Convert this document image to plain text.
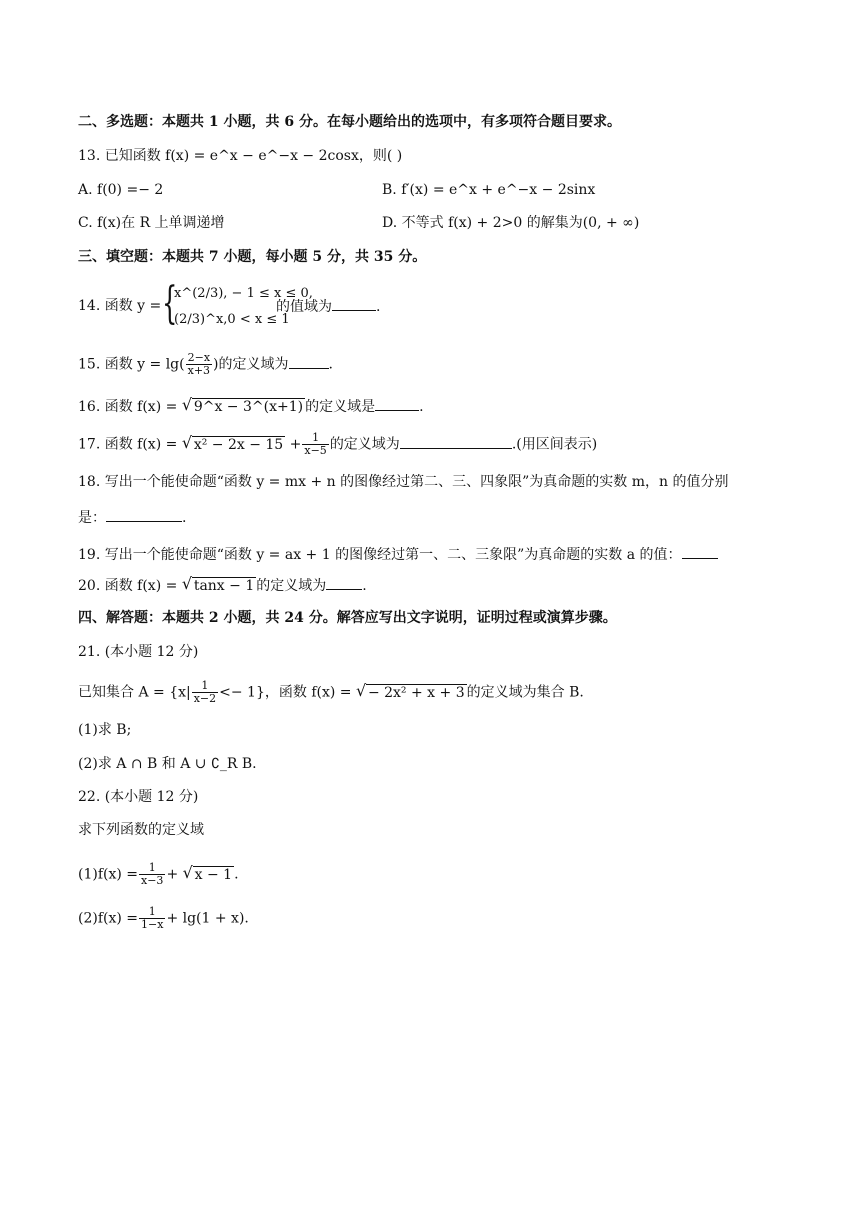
二、多选题：本题共 1 小题，共 6 分。在每小题给出的选项中，有多项符合题目要求。
13. 已知函数 f(x) = e^x − e^−x − 2cosx，则( )
A. f(0) =− 2	B. f′(x) = e^x + e^−x − 2sinx
C. f(x)在 R 上单调递增	D. 不等式 f(x) + 2>0 的解集为(0, + ∞)
三、填空题：本题共 7 小题，每小题 5 分，共 35 分。
14. 函数 y = {
x^(2/3), − 1 ≤ x ≤ 0,
(2/3)^x,0 < x ≤ 1
的值域为	.
15. 函数 $y = \lg( \frac{2-x}{x+3}$ )的定义域为	.
16. 函数 f(x) = √ 9^x − 3^(x+1) 的定义域是	.
17. 函数 f(x) = √ $x^2 - 2x - 15 + \frac{1}{x-5}$ 的定义域为	.(用区间表示)
18. 写出一个能使命题“函数 y = mx + n 的图像经过第二、三、四象限”为真命题的实数 m，n 的值分别
是：	.
19. 写出一个能使命题“函数 y = ax + 1 的图像经过第一、二、三象限”为真命题的实数 a 的值：
20. 函数 f(x) = √ tanx − 1 的定义域为	.
四、解答题：本题共 2 小题，共 24 分。解答应写出文字说明，证明过程或演算步骤。
21. (本小题 12 分)
已知集合 $A = \{x| \frac{1}{x-2} <- 1\}$，函数 f(x) = √ − 2x² + x + 3 的定义域为集合 B.
(1)求 B;
(2)求 A ∩ B 和 A ∪ ∁_R B.
22. (本小题 12 分)
求下列函数的定义域
$(1)f(x) = \frac{1}{x-3}$ + √ x − 1 .
$(2)f(x) = \frac{1}{1-x} + \lg(1 + x)$.
